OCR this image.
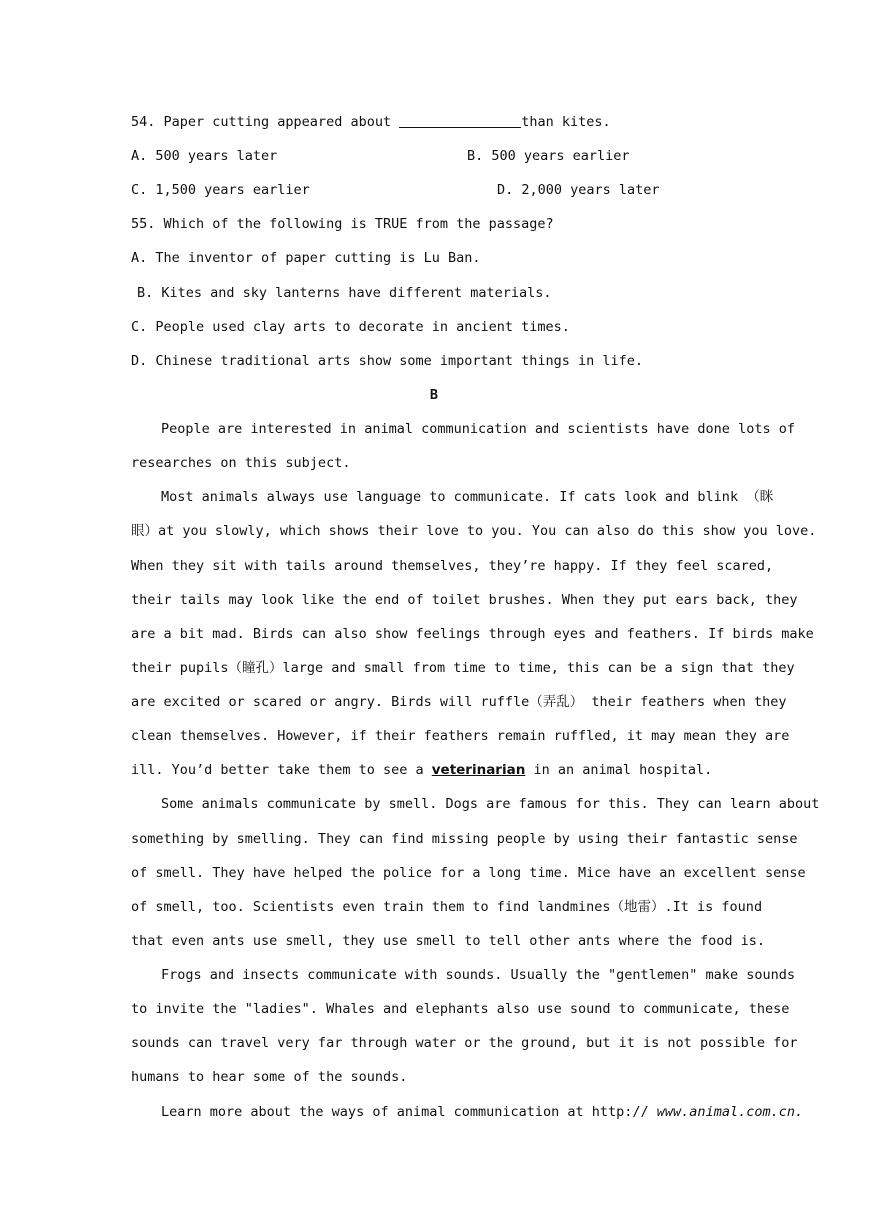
54. Paper cutting appeared about	than kites.
A. 500 years later	B. 500 years earlier
C. 1,500 years earlier	D. 2,000 years later
55. Which of the following is TRUE from the passage?
A. The inventor of paper cutting is Lu Ban.
B. Kites and sky lanterns have different materials.
C. People used clay arts to decorate in ancient times.
D. Chinese traditional arts show some important things in life.
B
People are interested in animal communication and scientists have done lots of
researches on this subject.
Most animals always use language to communicate. If cats look and blink （眯
眼）at you slowly, which shows their love to you. You can also do this show you love.
When they sit with tails around themselves, they’re happy. If they feel scared,
their tails may look like the end of toilet brushes. When they put ears back, they
are a bit mad. Birds can also show feelings through eyes and feathers. If birds make
their pupils（瞳孔）large and small from time to time, this can be a sign that they
are excited or scared or angry. Birds will ruffle（弄乱） their feathers when they
clean themselves. However, if their feathers remain ruffled, it may mean they are
ill. You’d better take them to see a veterinarian in an animal hospital.
Some animals communicate by smell. Dogs are famous for this. They can learn about
something by smelling. They can find missing people by using their fantastic sense
of smell. They have helped the police for a long time. Mice have an excellent sense
of smell, too. Scientists even train them to find landmines（地雷）.It is found
that even ants use smell, they use smell to tell other ants where the food is.
Frogs and insects communicate with sounds. Usually the "gentlemen" make sounds
to invite the "ladies". Whales and elephants also use sound to communicate, these
sounds can travel very far through water or the ground, but it is not possible for
humans to hear some of the sounds.
Learn more about the ways of animal communication at http:// www.animal.com.cn.
